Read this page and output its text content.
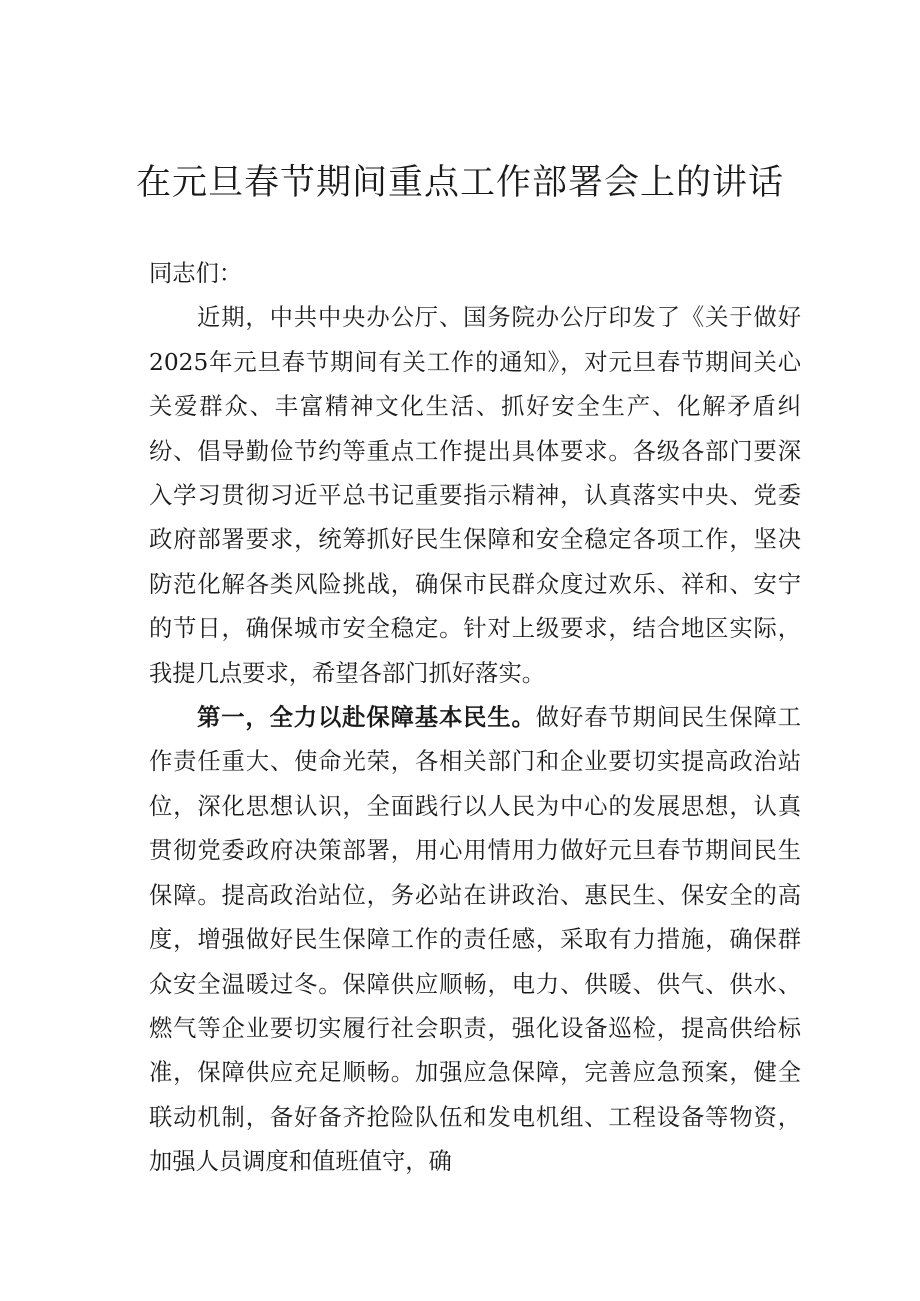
在元旦春节期间重点工作部署会上的讲话

同志们：

近期，中共中央办公厅、国务院办公厅印发了《关于做好2025年元旦春节期间有关工作的通知》，对元旦春节期间关心关爱群众、丰富精神文化生活、抓好安全生产、化解矛盾纠纷、倡导勤俭节约等重点工作提出具体要求。各级各部门要深入学习贯彻习近平总书记重要指示精神，认真落实中央、党委政府部署要求，统筹抓好民生保障和安全稳定各项工作，坚决防范化解各类风险挑战，确保市民群众度过欢乐、祥和、安宁的节日，确保城市安全稳定。针对上级要求，结合地区实际，我提几点要求，希望各部门抓好落实。

第一，全力以赴保障基本民生。做好春节期间民生保障工作责任重大、使命光荣，各相关部门和企业要切实提高政治站位，深化思想认识，全面践行以人民为中心的发展思想，认真贯彻党委政府决策部署，用心用情用力做好元旦春节期间民生保障。提高政治站位，务必站在讲政治、惠民生、保安全的高度，增强做好民生保障工作的责任感，采取有力措施，确保群众安全温暖过冬。保障供应顺畅，电力、供暖、供气、供水、燃气等企业要切实履行社会职责，强化设备巡检，提高供给标准，保障供应充足顺畅。加强应急保障，完善应急预案，健全联动机制，备好备齐抢险队伍和发电机组、工程设备等物资，加强人员调度和值班值守，确
